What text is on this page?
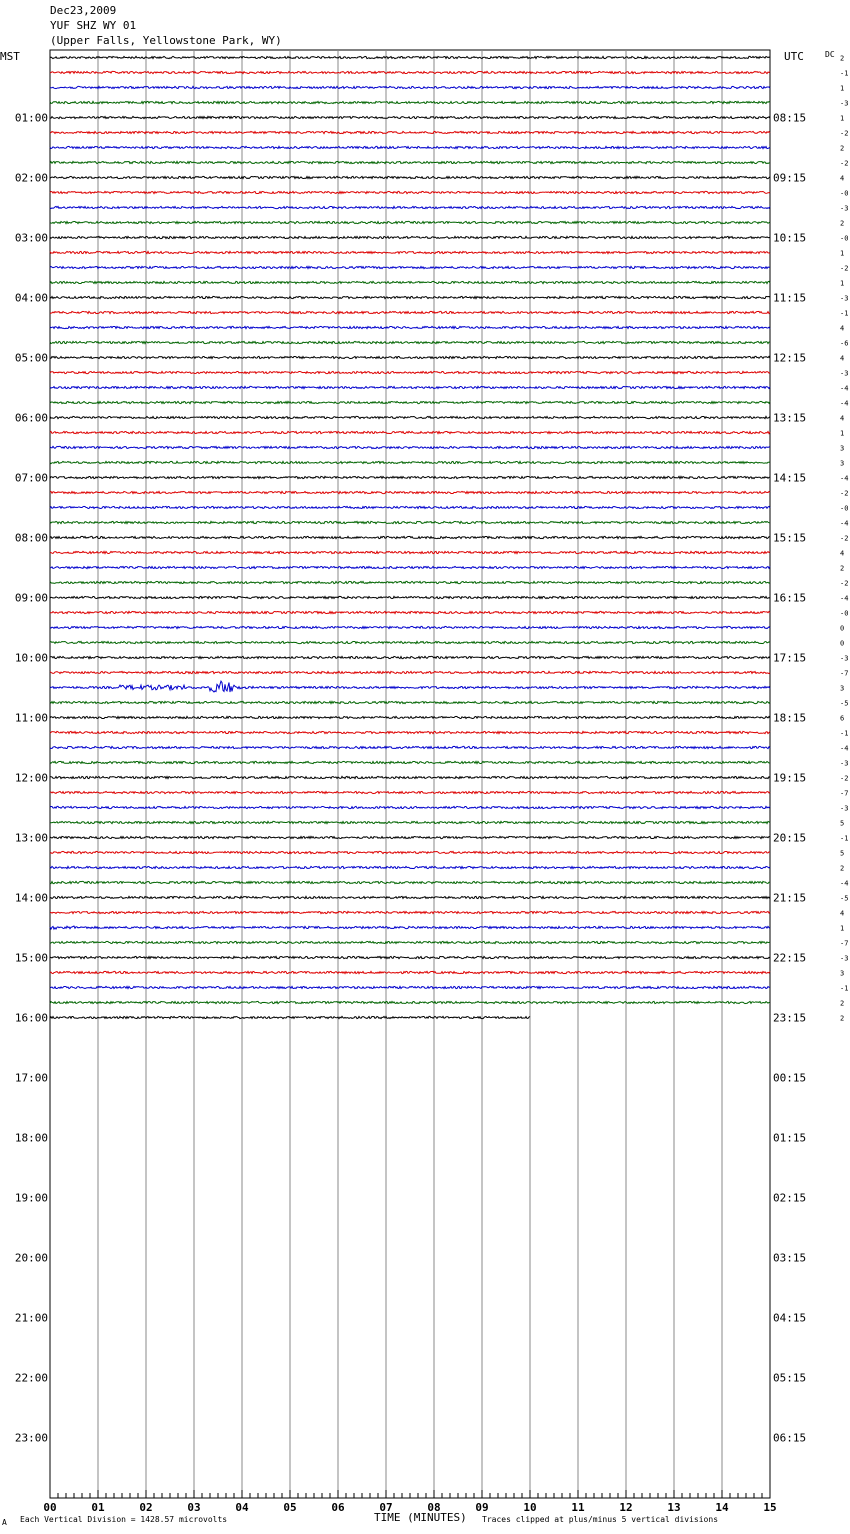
Dec23,2009
YUF SHZ WY 01
(Upper Falls, Yellowstone Park, WY)
MST	UTC	DC 2
-1
1
-3
1
-2
2
-2
4
-0
-3
2
-0
1
-2
1
-3
-1
4
-6
4
-3
-4
-4
4
1
3
3
-4
-2
-0
-4
-2
4
2
-2
-4
-0
0
0
-3
-7
3
-5
6
-1
-4
-3
-2
-7
-3
5
-1
5
2
-4
-5
4
1
-7
-3
3
-1
2
2
01:00	08:15
02:00	09:15
03:00	10:15
04:00	11:15
05:00	12:15
06:00	13:15
07:00	14:15
08:00	15:15
09:00	16:15
10:00	17:15
11:00	18:15
12:00	19:15
13:00	20:15
14:00	21:15
15:00	22:15
16:00	23:15
17:00	00:15
18:00	01:15
19:00	02:15
20:00	03:15
21:00	04:15
22:00	05:15
23:00	06:15
00	01	02	03	04	05	06	07	08	09	10	11	12	13	14	15
A Each Vertical Division = 1428.57 microvolts	TIME (MINUTES) Traces clipped at plus/minus 5 vertical divisions
